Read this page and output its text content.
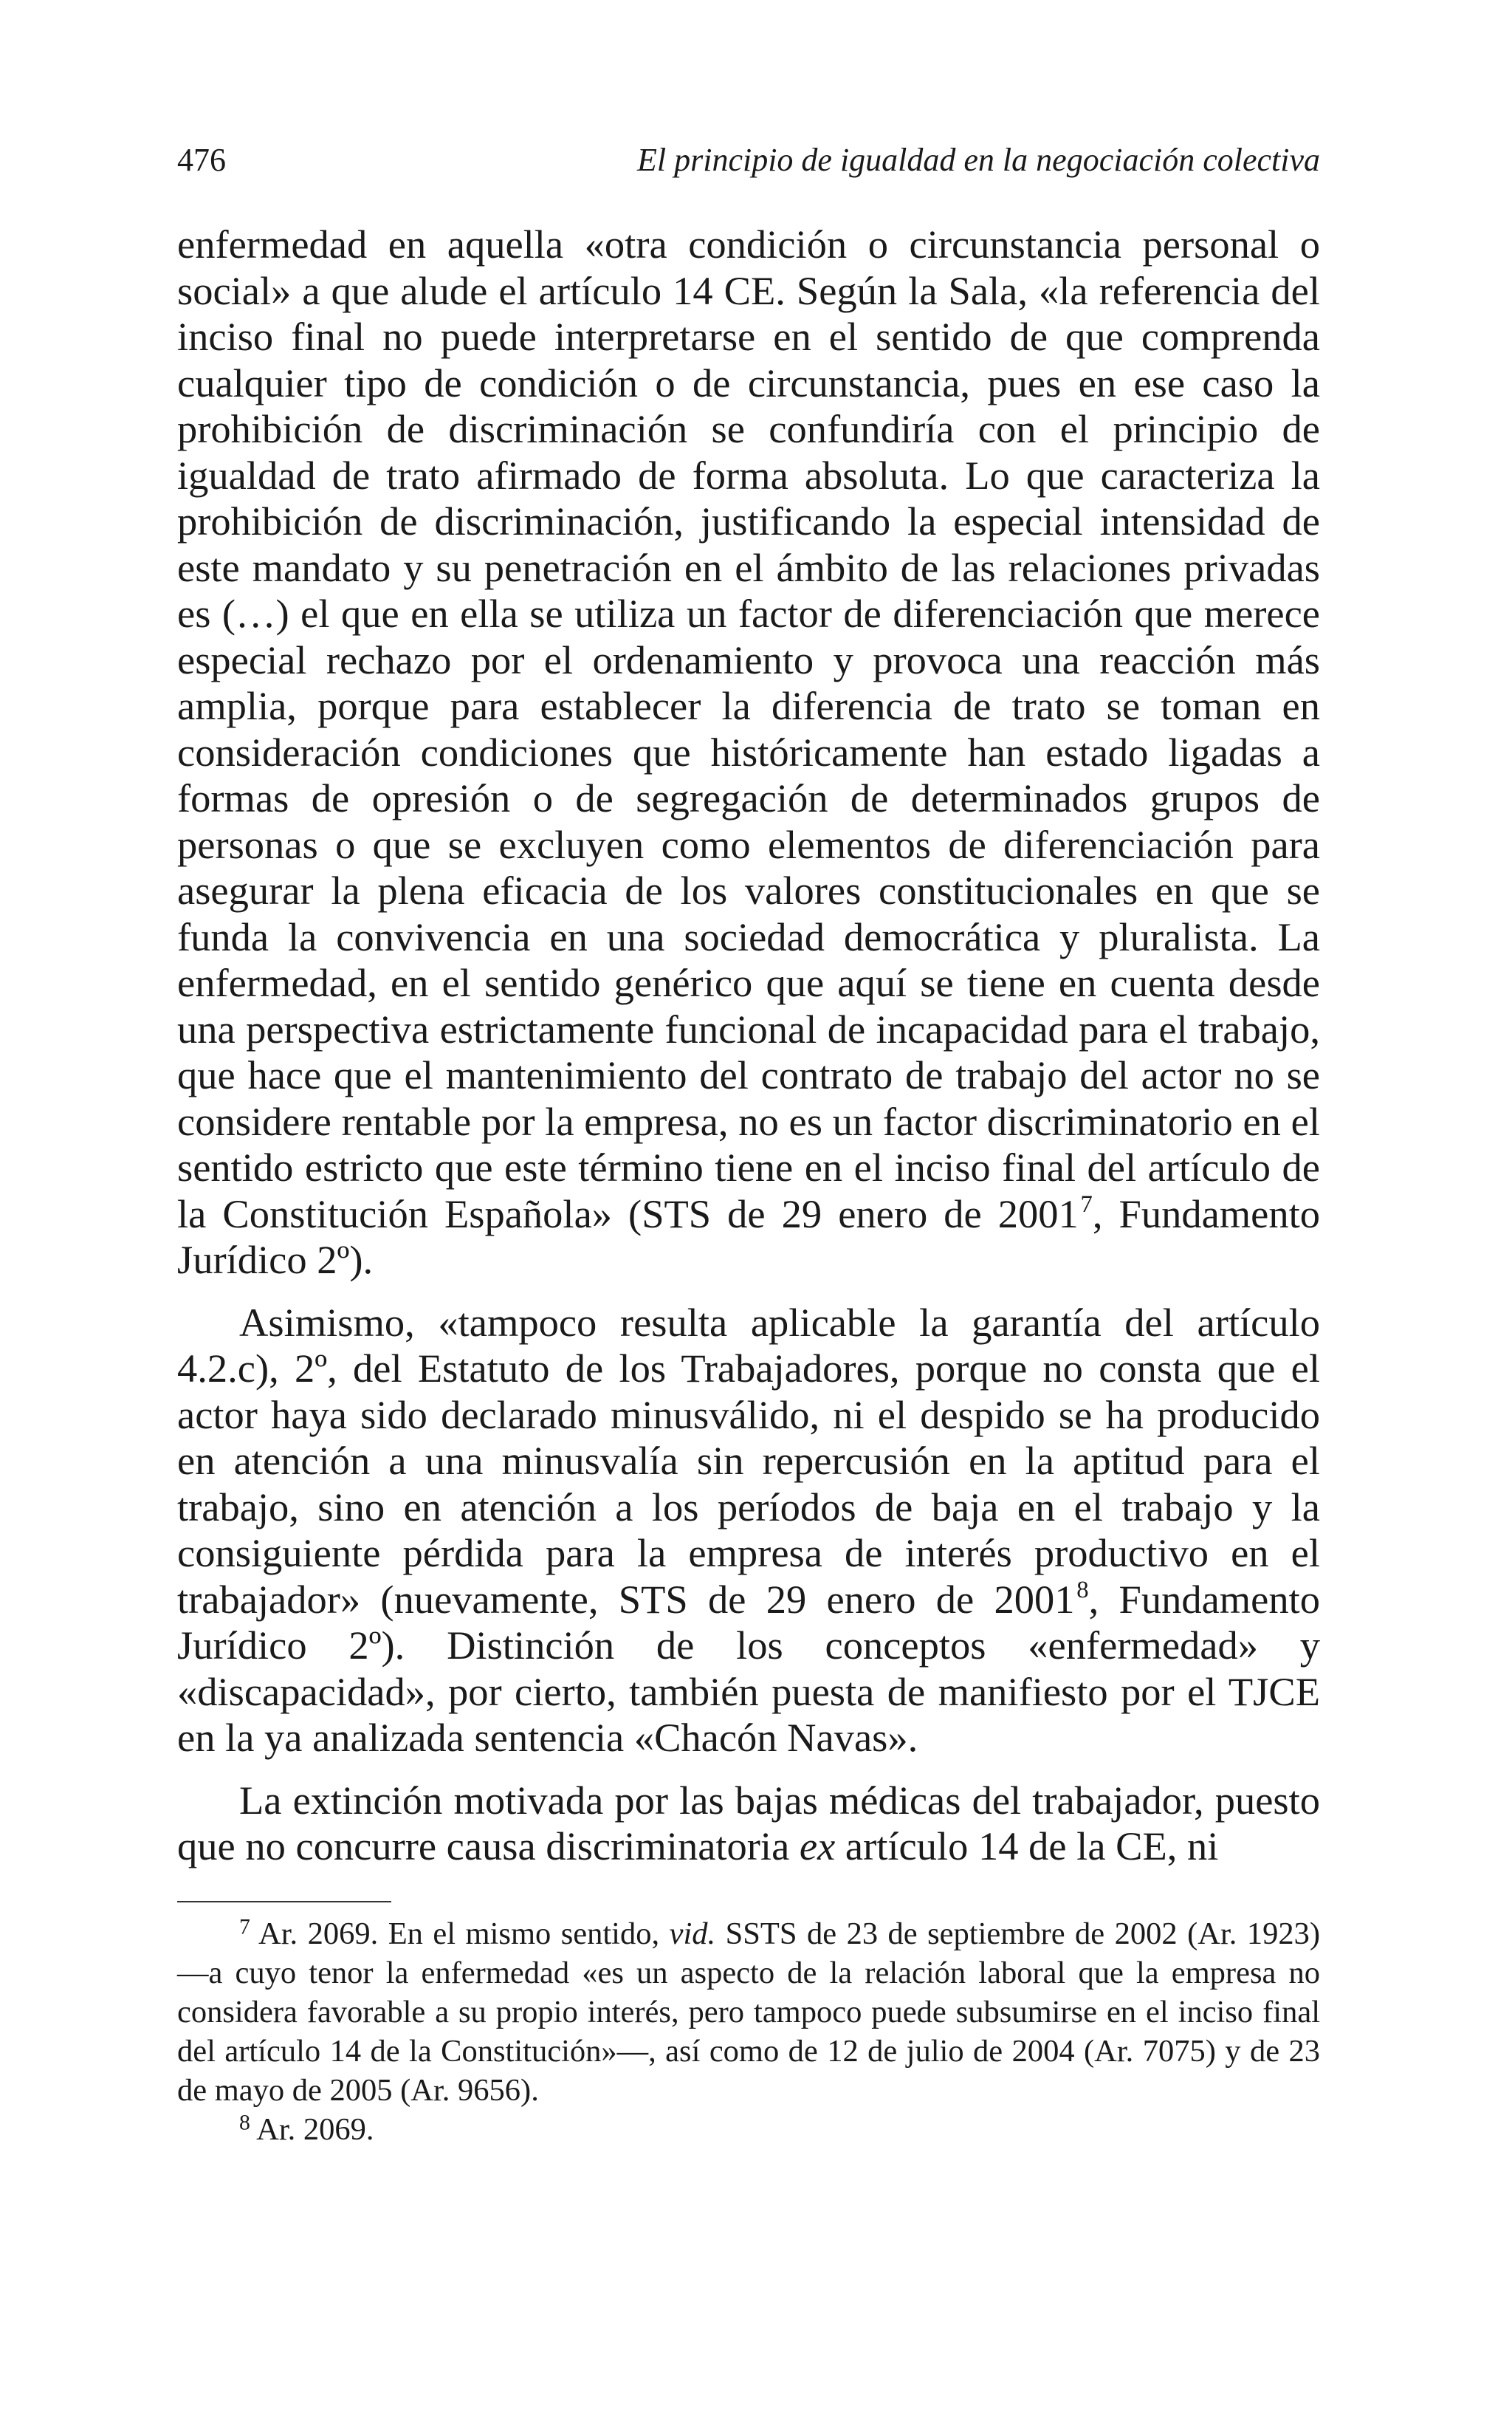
476	El principio de igualdad en la negociación colectiva

enfermedad en aquella «otra condición o circunstancia personal o social» a que alude el artículo 14 CE. Según la Sala, «la referencia del inciso final no puede interpretarse en el sentido de que comprenda cualquier tipo de condición o de circunstancia, pues en ese caso la prohibición de discriminación se confundiría con el principio de igualdad de trato afirmado de forma absoluta. Lo que caracteriza la prohibición de discriminación, justificando la especial intensidad de este mandato y su penetración en el ámbito de las relaciones privadas es (…) el que en ella se utiliza un factor de diferenciación que merece especial rechazo por el ordenamiento y provoca una reacción más amplia, porque para establecer la diferencia de trato se toman en consideración condiciones que históricamente han estado ligadas a formas de opresión o de segregación de determinados grupos de personas o que se excluyen como elementos de diferenciación para asegurar la plena eficacia de los valores constitucionales en que se funda la convivencia en una sociedad democrática y pluralista. La enfermedad, en el sentido genérico que aquí se tiene en cuenta desde una perspectiva estrictamente funcional de incapacidad para el trabajo, que hace que el mantenimiento del contrato de trabajo del actor no se considere rentable por la empresa, no es un factor discriminatorio en el sentido estricto que este término tiene en el inciso final del artículo de la Constitución Española» (STS de 29 enero de 2001 $^7$, Fundamento Jurídico 2º).

Asimismo, «tampoco resulta aplicable la garantía del artículo 4.2.c), 2º, del Estatuto de los Trabajadores, porque no consta que el actor haya sido declarado minusválido, ni el despido se ha producido en atención a una minusvalía sin repercusión en la aptitud para el trabajo, sino en atención a los períodos de baja en el trabajo y la consiguiente pérdida para la empresa de interés productivo en el trabajador» (nuevamente, STS de 29 enero de 2001 $^8$, Fundamento Jurídico 2º). Distinción de los conceptos «enfermedad» y «discapacidad», por cierto, también puesta de manifiesto por el TJCE en la ya analizada sentencia «Chacón Navas».

La extinción motivada por las bajas médicas del trabajador, puesto que no concurre causa discriminatoria ex artículo 14 de la CE, ni

$^7$ Ar. 2069. En el mismo sentido, vid. SSTS de 23 de septiembre de 2002 (Ar. 1923) —a cuyo tenor la enfermedad «es un aspecto de la relación laboral que la empresa no considera favorable a su propio interés, pero tampoco puede subsumirse en el inciso final del artículo 14 de la Constitución»—, así como de 12 de julio de 2004 (Ar. 7075) y de 23 de mayo de 2005 (Ar. 9656).

$^8$ Ar. 2069.
